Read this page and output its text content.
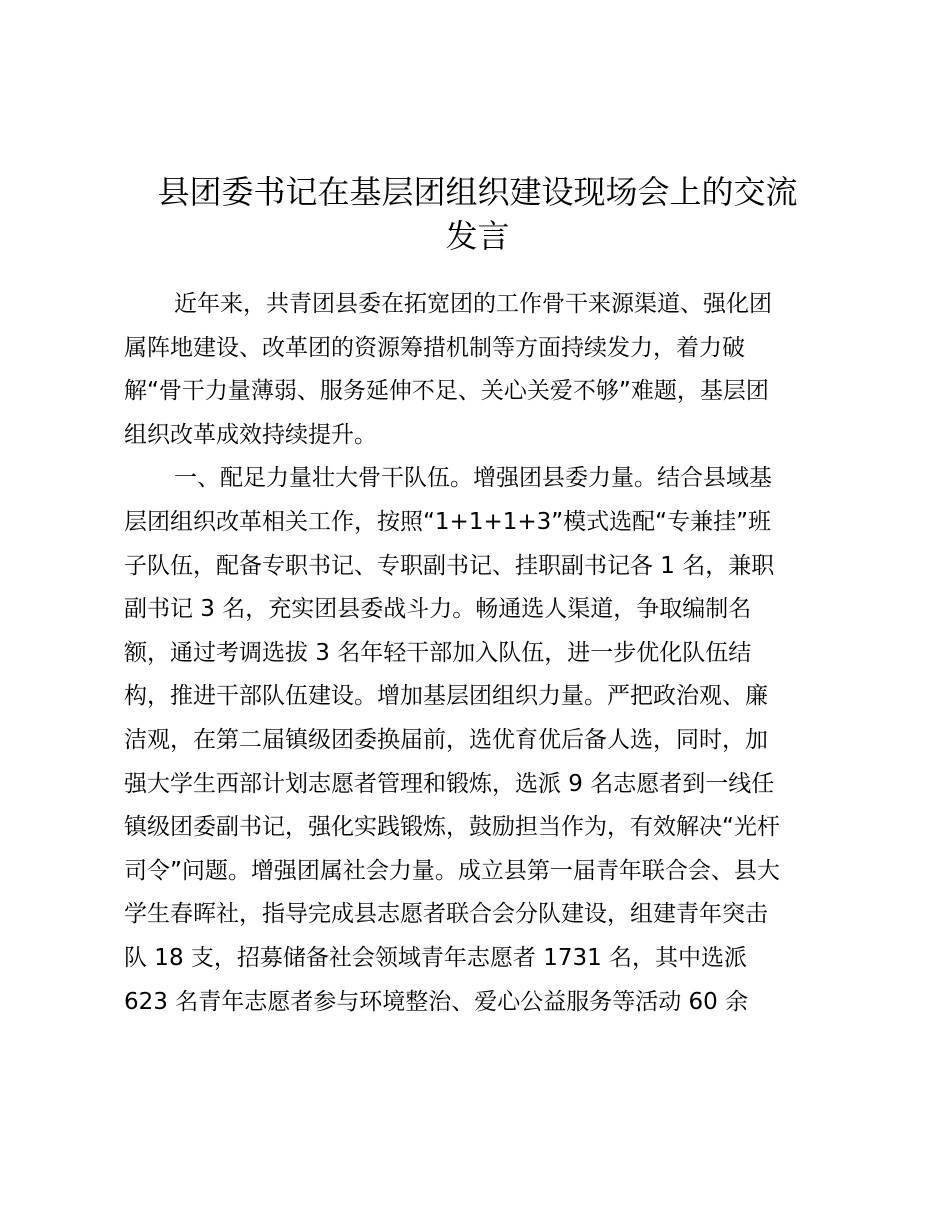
县团委书记在基层团组织建设现场会上的交流
发言
近年来，共青团县委在拓宽团的工作骨干来源渠道、强化团
属阵地建设、改革团的资源筹措机制等方面持续发力，着力破
解“骨干力量薄弱、服务延伸不足、关心关爱不够”难题，基层团
组织改革成效持续提升。
一、配足力量壮大骨干队伍。增强团县委力量。结合县域基
层团组织改革相关工作，按照“1+1+1+3”模式选配“专兼挂”班
子队伍，配备专职书记、专职副书记、挂职副书记各 1 名，兼职
副书记 3 名，充实团县委战斗力。畅通选人渠道，争取编制名
额，通过考调选拔 3 名年轻干部加入队伍，进一步优化队伍结
构，推进干部队伍建设。增加基层团组织力量。严把政治观、廉
洁观，在第二届镇级团委换届前，选优育优后备人选，同时，加
强大学生西部计划志愿者管理和锻炼，选派 9 名志愿者到一线任
镇级团委副书记，强化实践锻炼，鼓励担当作为，有效解决“光杆
司令”问题。增强团属社会力量。成立县第一届青年联合会、县大
学生春晖社，指导完成县志愿者联合会分队建设，组建青年突击
队 18 支，招募储备社会领域青年志愿者 1731 名，其中选派
623 名青年志愿者参与环境整治、爱心公益服务等活动 60 余
